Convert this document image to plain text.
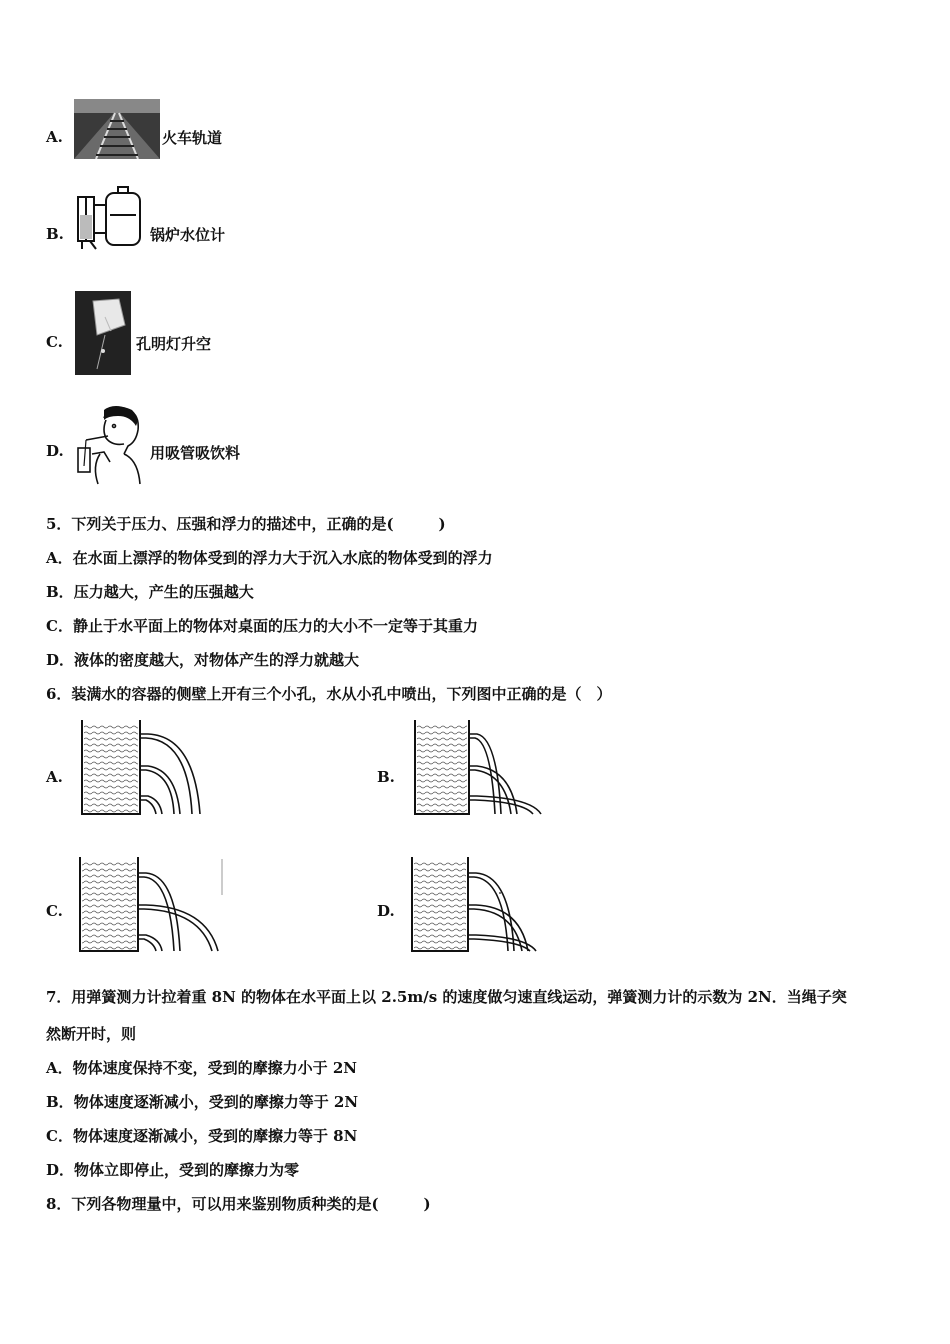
A.	火车轨道
B.	锅炉水位计
C.	孔明灯升空
D.	用吸管吸饮料
5．下列关于压力、压强和浮力的描述中，正确的是(　　　)
A．在水面上漂浮的物体受到的浮力大于沉入水底的物体受到的浮力
B．压力越大，产生的压强越大
C．静止于水平面上的物体对桌面的压力的大小不一定等于其重力
D．液体的密度越大，对物体产生的浮力就越大
6．装满水的容器的侧壁上开有三个小孔，水从小孔中喷出，下列图中正确的是（　）
A.	B.
C.	D.
7．用弹簧测力计拉着重 8N 的物体在水平面上以 2.5m/s 的速度做匀速直线运动，弹簧测力计的示数为 2N．当绳子突
然断开时，则
A．物体速度保持不变，受到的摩擦力小于 2N
B．物体速度逐渐减小，受到的摩擦力等于 2N
C．物体速度逐渐减小，受到的摩擦力等于 8N
D．物体立即停止，受到的摩擦力为零
8．下列各物理量中，可以用来鉴别物质种类的是(　　　)
